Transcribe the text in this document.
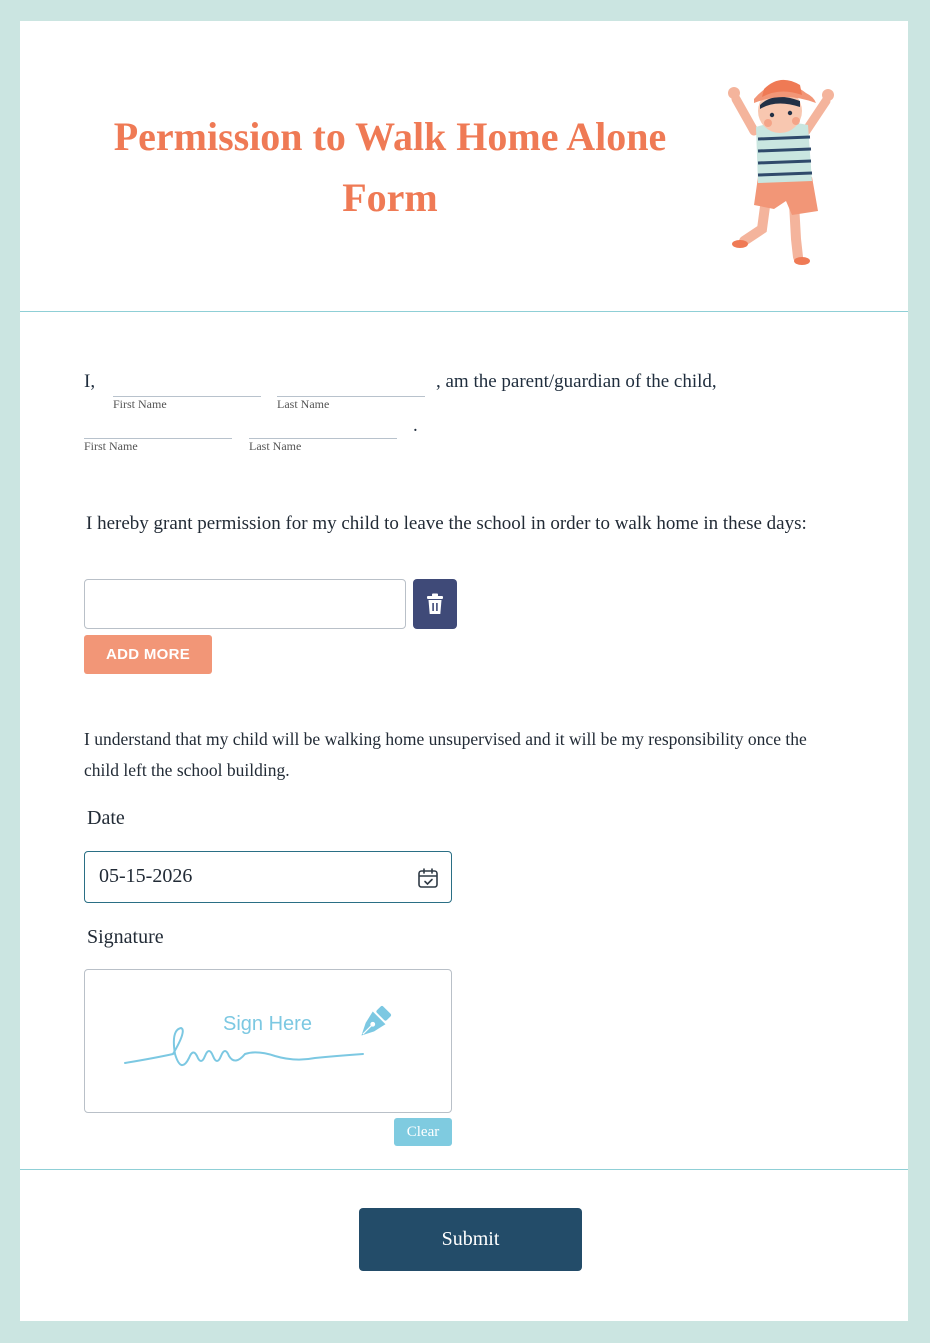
Permission to Walk Home Alone Form
I,
First Name	Last Name
, am the parent/guardian of the child,
First Name	Last Name
.
I hereby grant permission for my child to leave the school in order to walk home in these days:
ADD MORE
I understand that my child will be walking home unsupervised and it will be my responsibility once the child left the school building.
Date
05-15-2026
Signature
Sign Here
Clear
Submit
